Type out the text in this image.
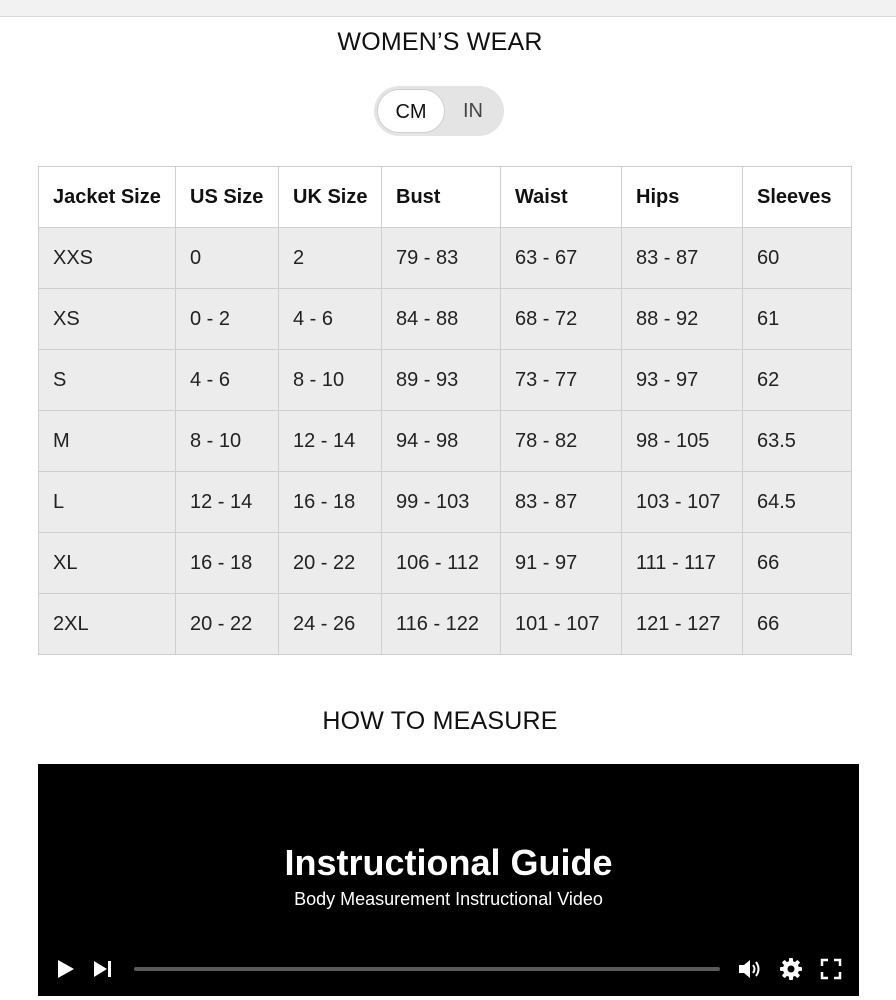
WOMEN’S WEAR
CM	IN
Jacket Size	US Size	UK Size	Bust	Waist	Hips	Sleeves
XXS	0	2	79 - 83	63 - 67	83 - 87	60
XS	0 - 2	4 - 6	84 - 88	68 - 72	88 - 92	61
S	4 - 6	8 - 10	89 - 93	73 - 77	93 - 97	62
M	8 - 10	12 - 14	94 - 98	78 - 82	98 - 105	63.5
L	12 - 14	16 - 18	99 - 103	83 - 87	103 - 107	64.5
XL	16 - 18	20 - 22	106 - 112	91 - 97	111 - 117	66
2XL	20 - 22	24 - 26	116 - 122	101 - 107	121 - 127	66
HOW TO MEASURE
Instructional Guide
Body Measurement Instructional Video
